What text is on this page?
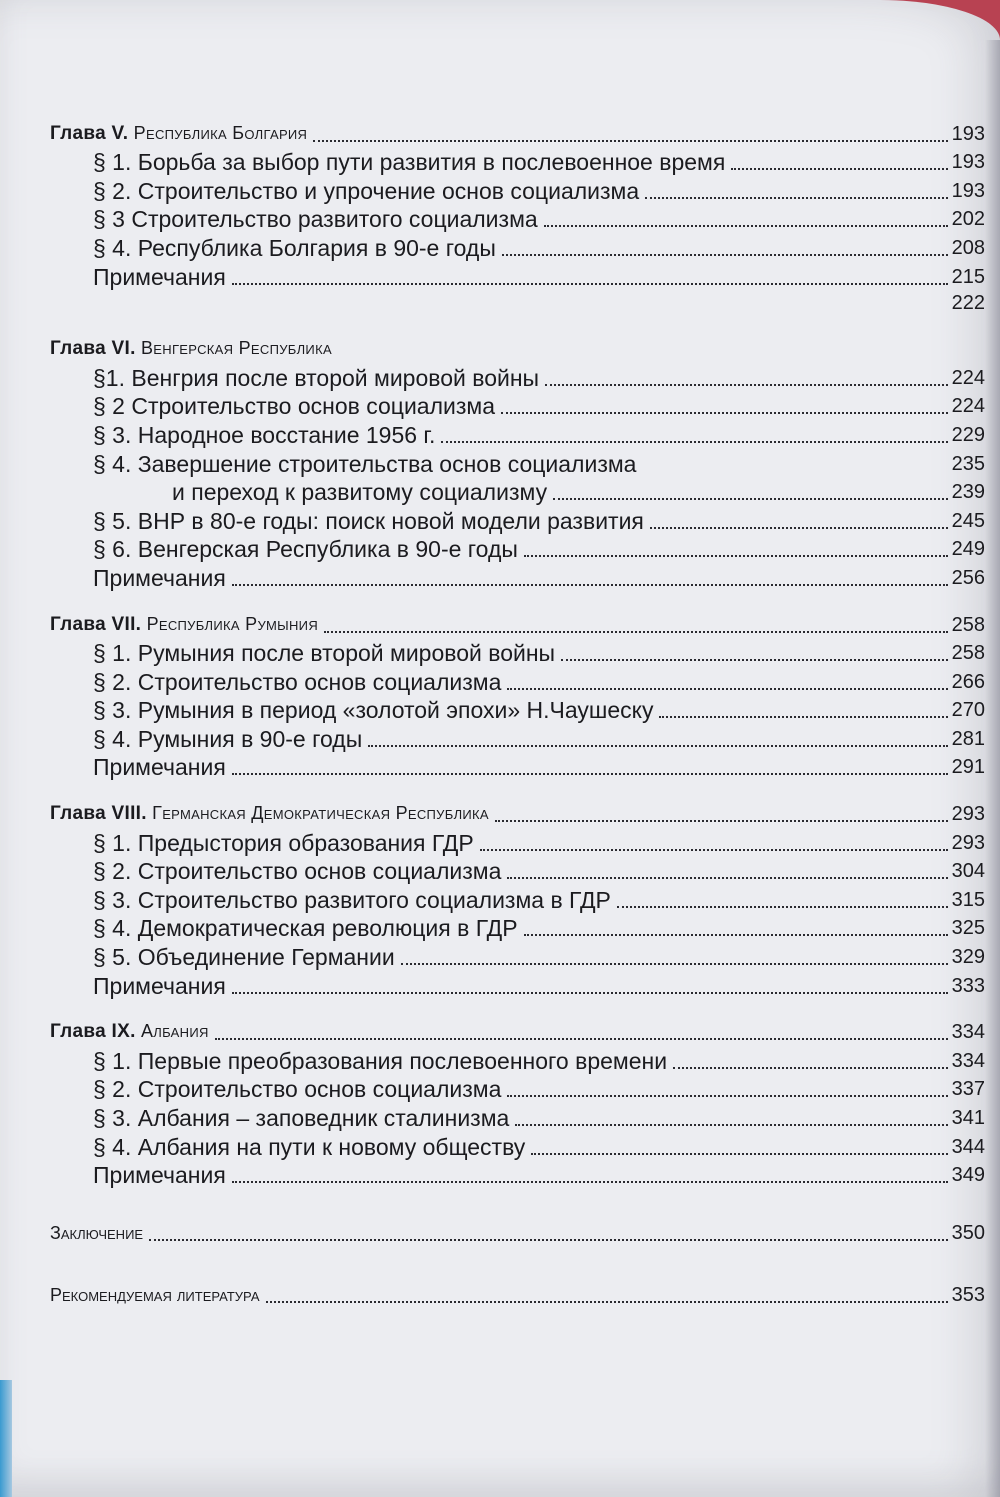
Глава V. Республика Болгария	193
§ 1. Борьба за выбор пути развития в послевоенное время	193
§ 2. Строительство и упрочение основ социализма	193
§ 3 Строительство развитого социализма	202
§ 4. Республика Болгария в 90-е годы	208
Примечания	215
222
Глава VI. Венгерская Республика
§1. Венгрия после второй мировой войны	224
§ 2 Строительство основ социализма	224
§ 3. Народное восстание 1956 г.	229
§ 4. Завершение строительства основ социализма	235
и переход к развитому социализму	239
§ 5. ВНР в 80-е годы: поиск новой модели развития	245
§ 6. Венгерская Республика в 90-е годы	249
Примечания	256
Глава VII. Республика Румыния	258
§ 1. Румыния после второй мировой войны	258
§ 2. Строительство основ социализма	266
§ 3. Румыния в период «золотой эпохи» Н.Чаушеску	270
§ 4. Румыния в 90-е годы	281
Примечания	291
Глава VIII. Германская Демократическая Республика	293
§ 1. Предыстория образования ГДР	293
§ 2. Строительство основ социализма	304
§ 3. Строительство развитого социализма в ГДР	315
§ 4. Демократическая революция в ГДР	325
§ 5. Объединение Германии	329
Примечания	333
Глава IX. Албания	334
§ 1. Первые преобразования послевоенного времени	334
§ 2. Строительство основ социализма	337
§ 3. Албания – заповедник сталинизма	341
§ 4. Албания на пути к новому обществу	344
Примечания	349
Заключение	350
Рекомендуемая литература	353
